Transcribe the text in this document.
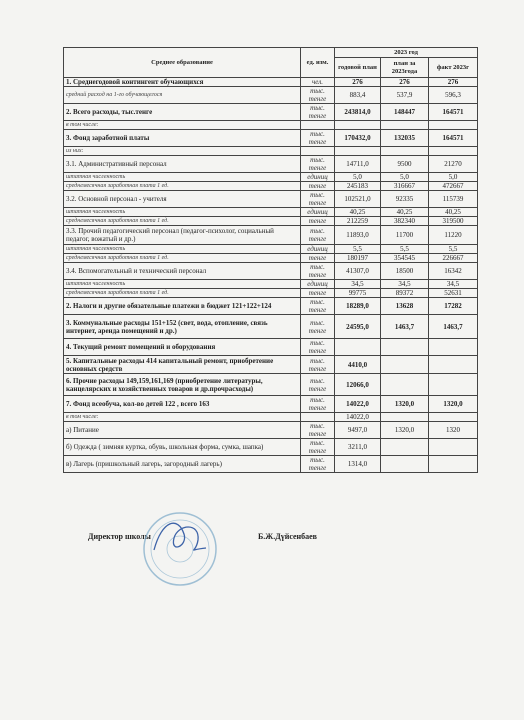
Среднее образование	ед. изм.	2023 год		
		годовой план	план за 2023года	факт 2023г
1. Среднегодовой контингент обучающихся	чел.	276	276	276
средний расход на 1-го обучающегося	тыс. тенге	883,4	537,9	596,3
2. Всего расходы, тыс.тенге	тыс. тенге	243814,0	148447	164571
в том числе:				
3. Фонд заработной платы	тыс. тенге	170432,0	132035	164571
из них:				
3.1. Административный персонал	тыс. тенге	14711,0	9500	21270
штатная численность	единиц	5,0	5,0	5,0
среднемесячная заработная плата 1 ед.	тенге	245183	316667	472667
3.2. Основной персонал - учителя	тыс. тенге	102521,0	92335	115739
штатная численность	единиц	40,25	40,25	40,25
среднемесячная заработная плата 1 ед.	тенге	212259	382340	319500
3.3. Прочий педагогический персонал (педагог-психолог, социальный педагог, вожатый и др.)	тыс. тенге	11893,0	11700	11220
штатная численность	единиц	5,5	5,5	5,5
среднемесячная заработная плата 1 ед.	тенге	180197	354545	226667
3.4. Вспомогательный и технический персонал	тыс. тенге	41307,0	18500	16342
штатная численность	единиц	34,5	34,5	34,5
среднемесячная заработная плата 1 ед.	тенге	99775	89372	52631
2. Налоги и другие обязательные платежи в бюджет 121+122+124	тыс. тенге	18289,0	13628	17282
3. Коммунальные расходы 151+152 (свет, вода, отопление, связь интернет, аренда помещений и др.)	тыс. тенге	24595,0	1463,7	1463,7
4. Текущий ремонт помещений и оборудования	тыс. тенге			
5. Капитальные расходы 414 капитальный ремонт, приобретение основных средств	тыс. тенге	4410,0		
6. Прочие расходы 149,159,161,169 (приобретение литературы, канцелярских и хозяйственных товаров и др.прочрасходы)	тыс. тенге	12066,0		
7. Фонд всеобуча, кол-во детей 122 , всего 163	тыс. тенге	14022,0	1320,0	1320,0
в том числе:		14022,0		
а) Питание	тыс. тенге	9497,0	1320,0	1320
б) Одежда ( зимняя куртка, обувь, школьная форма, сумка, шапка)	тыс. тенге	3211,0		
в) Лагерь (пришкольный лагерь, загородный лагерь)	тыс. тенге	1314,0		
Директор школы	Б.Ж.Дүйсенбаев
